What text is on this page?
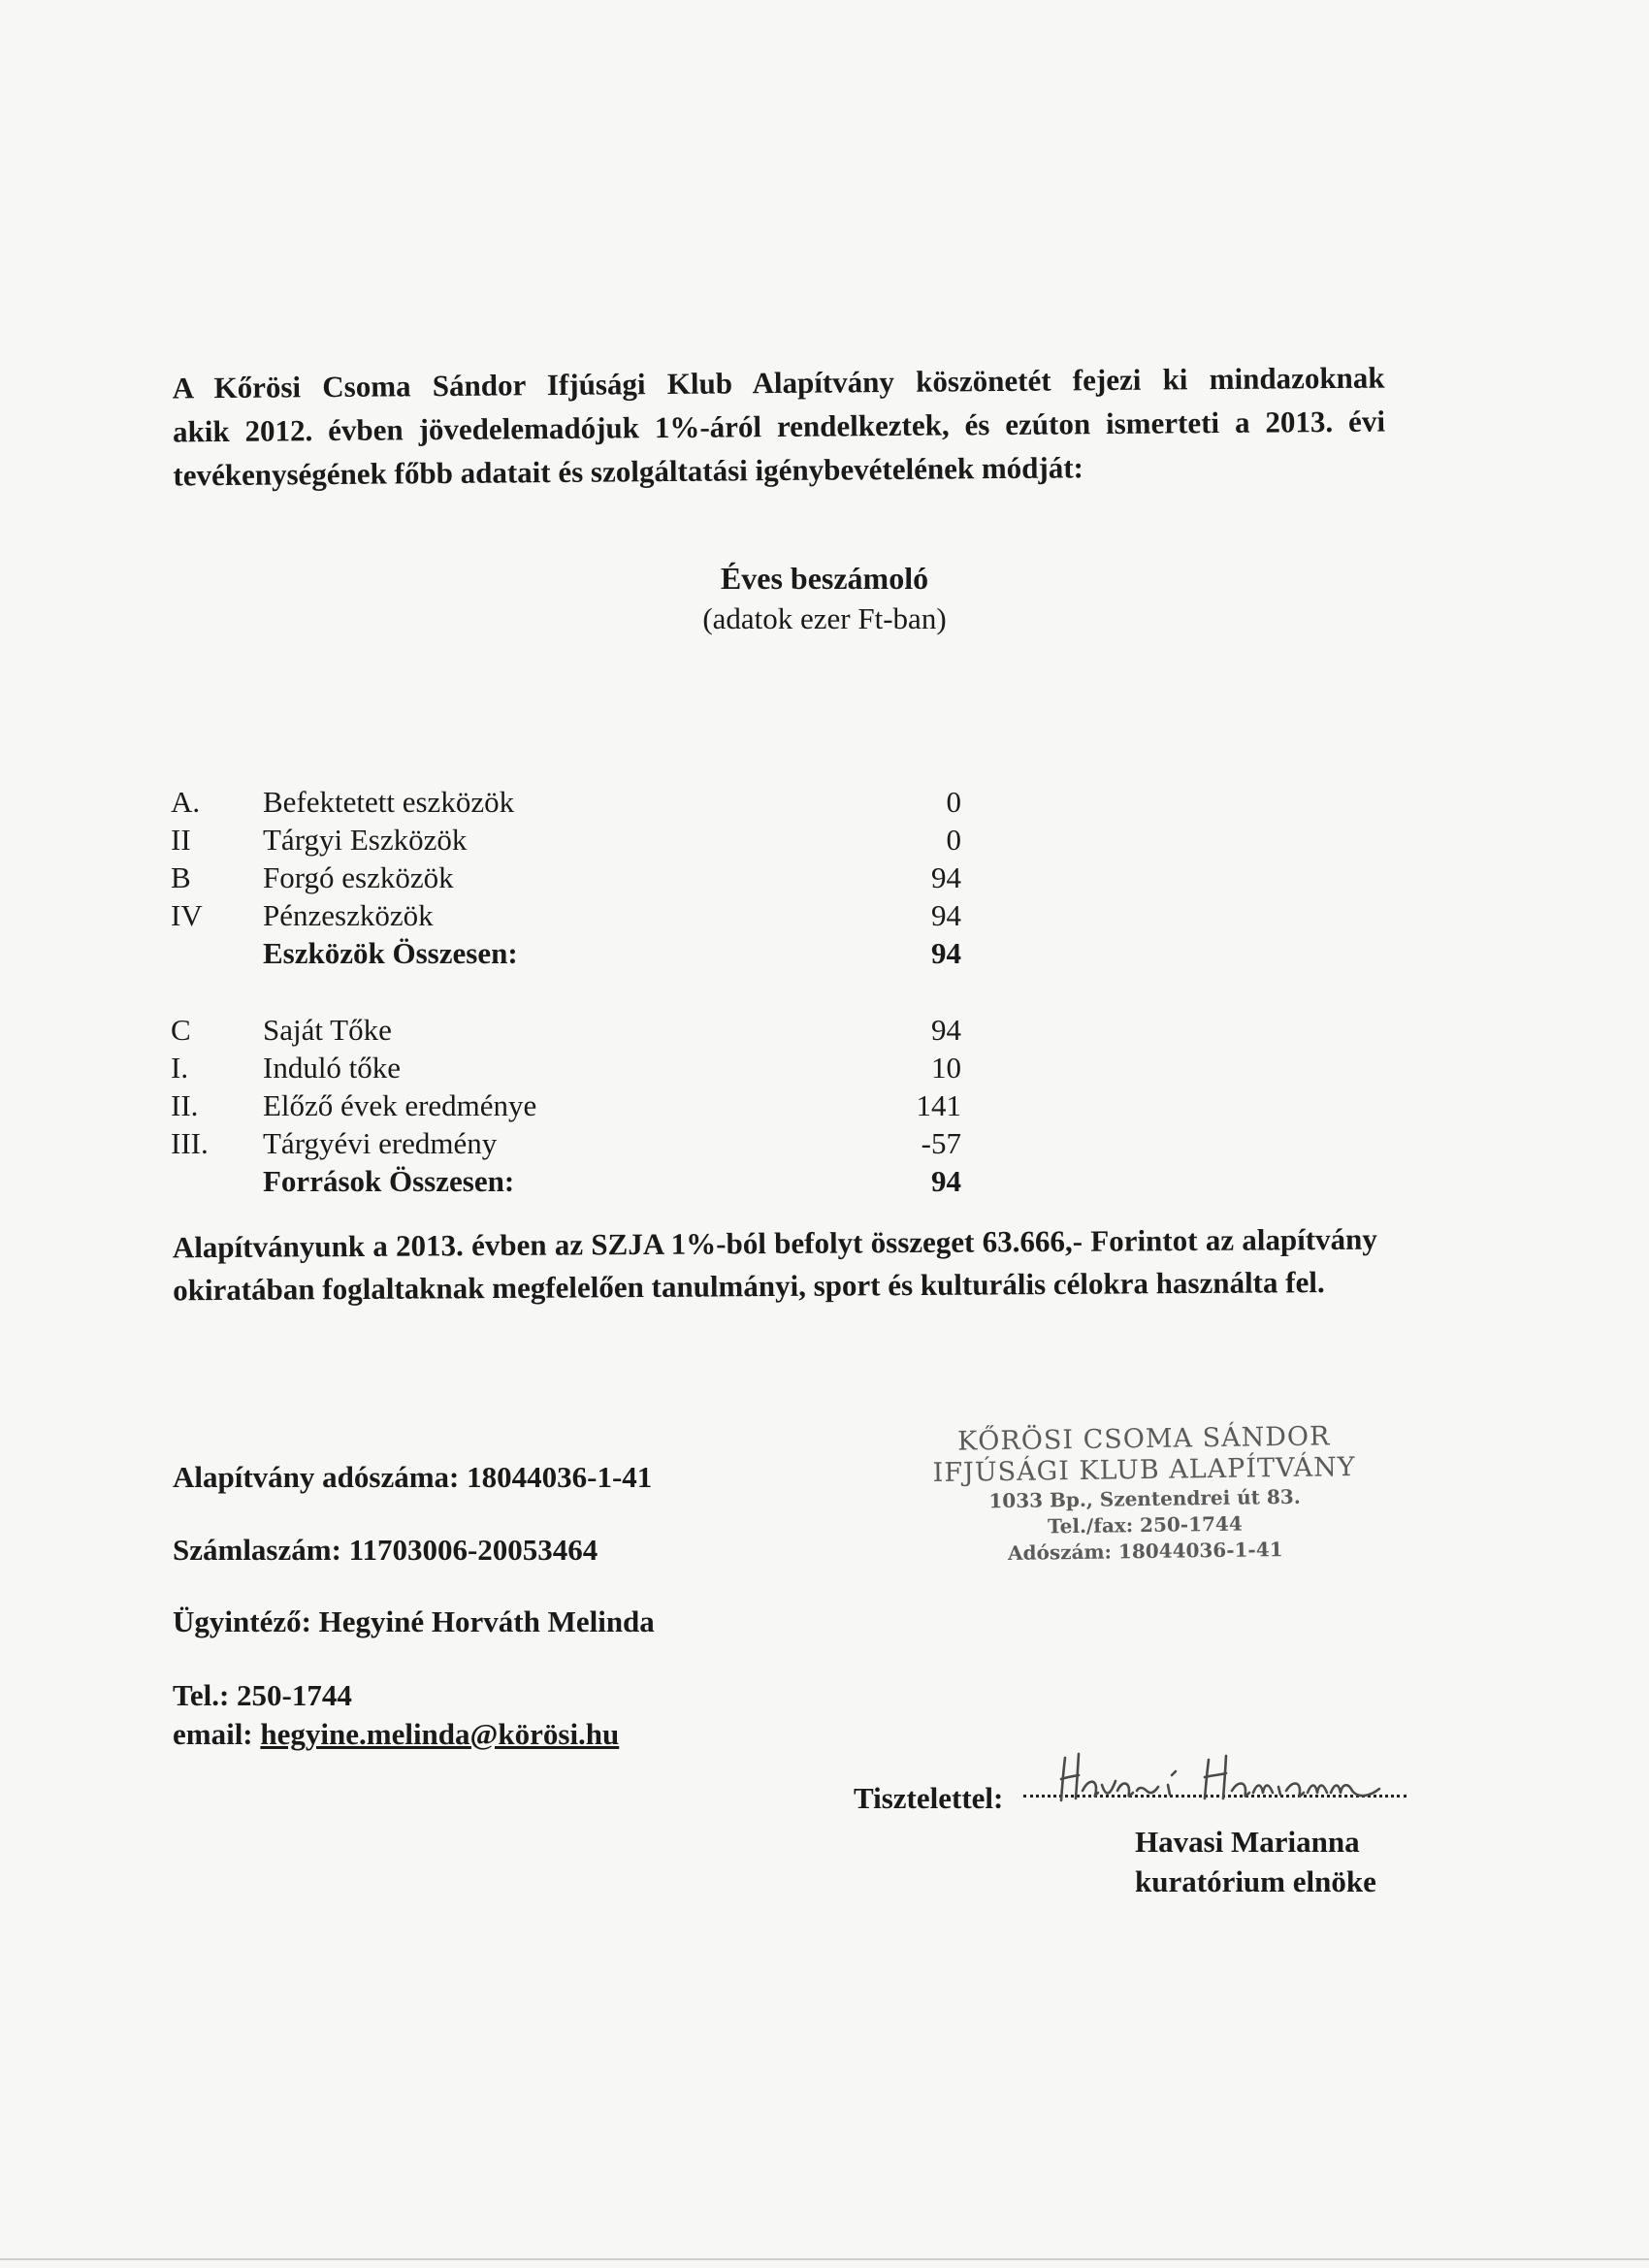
A Kőrösi Csoma Sándor Ifjúsági Klub Alapítvány köszönetét fejezi ki mindazoknak
akik 2012. évben jövedelemadójuk 1%-áról rendelkeztek, és ezúton ismerteti a 2013. évi
tevékenységének főbb adatait és szolgáltatási igénybevételének módját:
Éves beszámoló
(adatok ezer Ft-ban)
A. Befektetett eszközök	0
II Tárgyi Eszközök	0
B Forgó eszközök	94
IV Pénzeszközök	94
Eszközök Összesen:	94
C Saját Tőke	94
I. Induló tőke	10
II. Előző évek eredménye	141
III. Tárgyévi eredmény	-57
Források Összesen:	94
Alapítványunk a 2013. évben az SZJA 1%-ból befolyt összeget 63.666,- Forintot az alapítvány okiratában foglaltaknak megfelelően tanulmányi, sport és kulturális célokra használta fel.
Alapítvány adószáma: 18044036-1-41
Számlaszám: 11703006-20053464
Ügyintéző: Hegyiné Horváth Melinda
Tel.: 250-1744
email: hegyine.melinda@körösi.hu
KŐRÖSI CSOMA SÁNDOR
IFJÚSÁGI KLUB ALAPÍTVÁNY
1033 Bp., Szentendrei út 83.
Tel./fax: 250-1744
Adószám: 18044036-1-41
Tisztelettel:
Havasi Marianna
kuratórium elnöke
